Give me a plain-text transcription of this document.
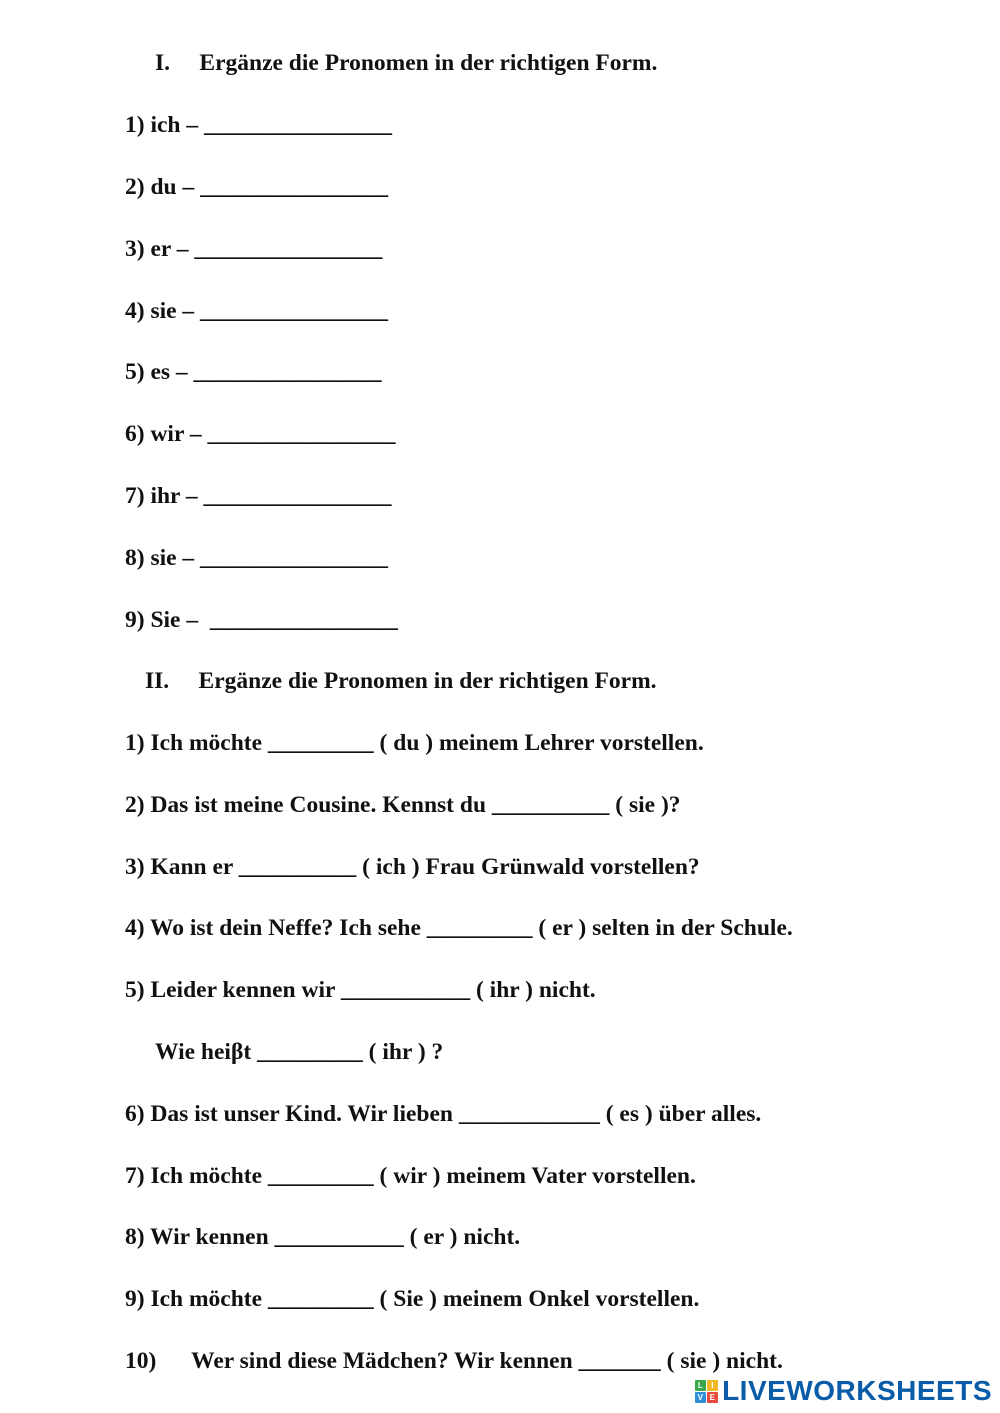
I.     Ergänze die Pronomen in der richtigen Form.
1) ich – ________________
2) du – ________________
3) er – ________________
4) sie – ________________
5) es – ________________
6) wir – ________________
7) ihr – ________________
8) sie – ________________
9) Sie –  ________________
II.     Ergänze die Pronomen in der richtigen Form.
1) Ich möchte _________ ( du ) meinem Lehrer vorstellen.
2) Das ist meine Cousine. Kennst du __________ ( sie )?
3) Kann er __________ ( ich ) Frau Grünwald vorstellen?
4) Wo ist dein Neffe? Ich sehe _________ ( er ) selten in der Schule.
5) Leider kennen wir ___________ ( ihr ) nicht.
Wie heiβt _________ ( ihr ) ?
6) Das ist unser Kind. Wir lieben ____________ ( es ) über alles.
7) Ich möchte _________ ( wir ) meinem Vater vorstellen.
8) Wir kennen ___________ ( er ) nicht.
9) Ich möchte _________ ( Sie ) meinem Onkel vorstellen.
10)      Wer sind diese Mädchen? Wir kennen _______ ( sie ) nicht.
L I
V E LIVEWORKSHEETS
